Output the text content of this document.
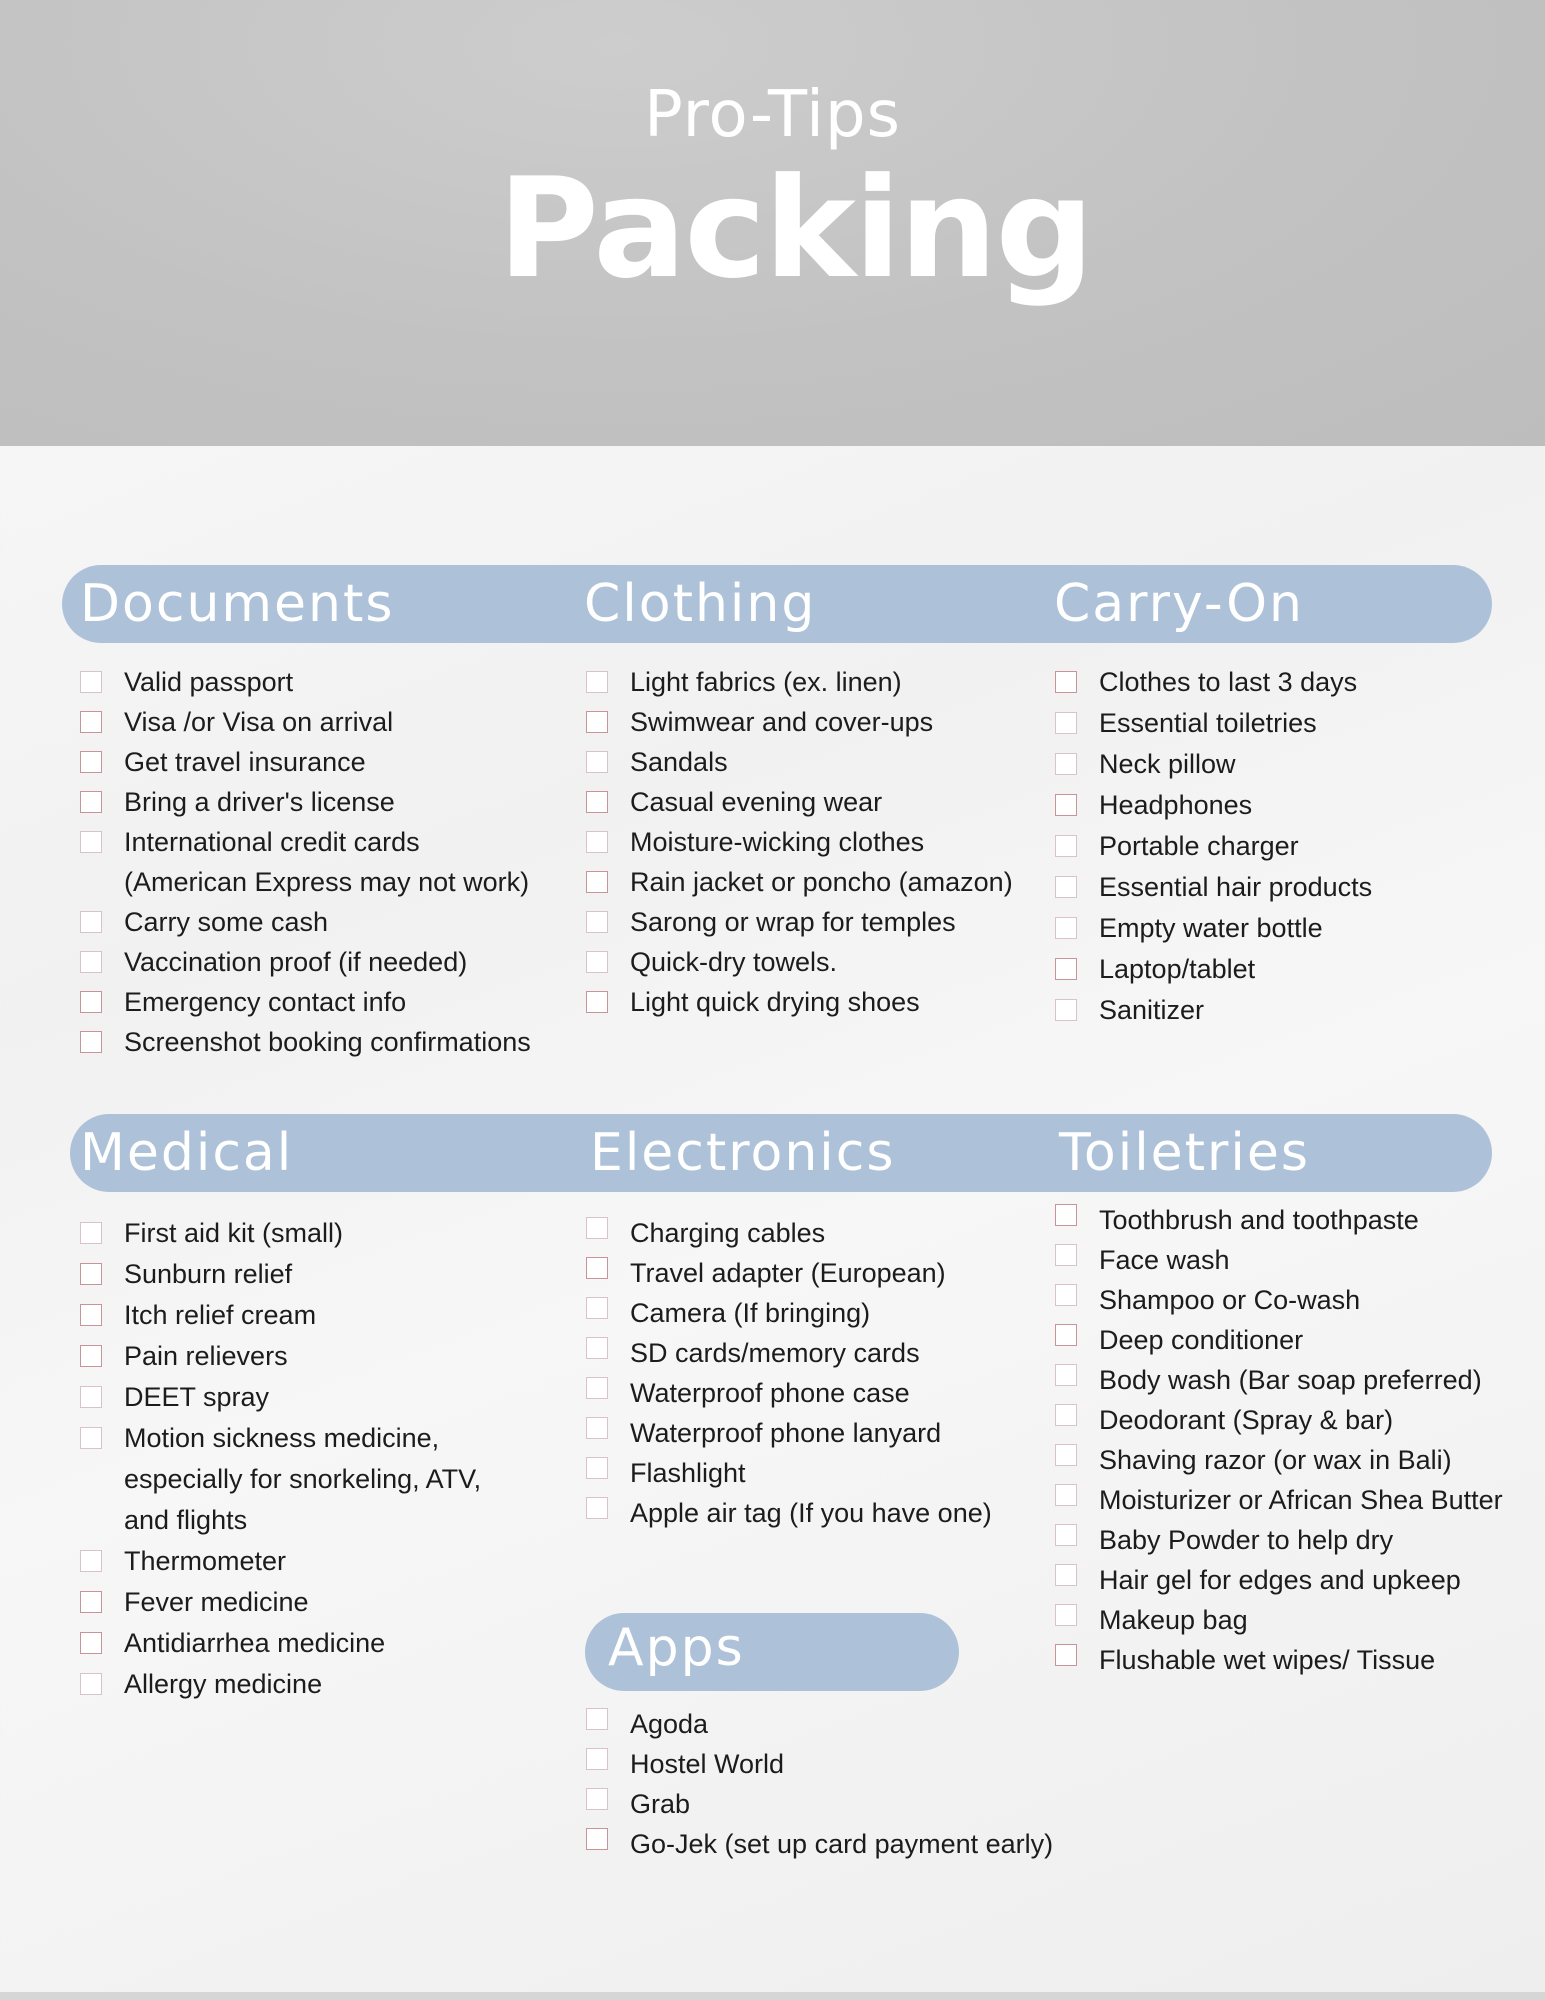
Pro-Tips
Packing
Documents	Clothing	Carry-On
Medical	Electronics	Toiletries
Apps
Valid passport
Visa /or Visa on arrival
Get travel insurance
Bring a driver's license
International credit cards
(American Express may not work)
Carry some cash
Vaccination proof (if needed)
Emergency contact info
Screenshot booking confirmations
Light fabrics (ex. linen)
Swimwear and cover-ups
Sandals
Casual evening wear
Moisture-wicking clothes
Rain jacket or poncho (amazon)
Sarong or wrap for temples
Quick-dry towels.
Light quick drying shoes
Clothes to last 3 days
Essential toiletries
Neck pillow
Headphones
Portable charger
Essential hair products
Empty water bottle
Laptop/tablet
Sanitizer
First aid kit (small)
Sunburn relief
Itch relief cream
Pain relievers
DEET spray
Motion sickness medicine,
especially for snorkeling, ATV,
and flights
Thermometer
Fever medicine
Antidiarrhea medicine
Allergy medicine
Charging cables
Travel adapter (European)
Camera (If bringing)
SD cards/memory cards
Waterproof phone case
Waterproof phone lanyard
Flashlight
Apple air tag (If you have one)
Toothbrush and toothpaste
Face wash
Shampoo or Co-wash
Deep conditioner
Body wash (Bar soap preferred)
Deodorant (Spray & bar)
Shaving razor (or wax in Bali)
Moisturizer or African Shea Butter
Baby Powder to help dry
Hair gel for edges and upkeep
Makeup bag
Flushable wet wipes/ Tissue
Agoda
Hostel World
Grab
Go-Jek (set up card payment early)
